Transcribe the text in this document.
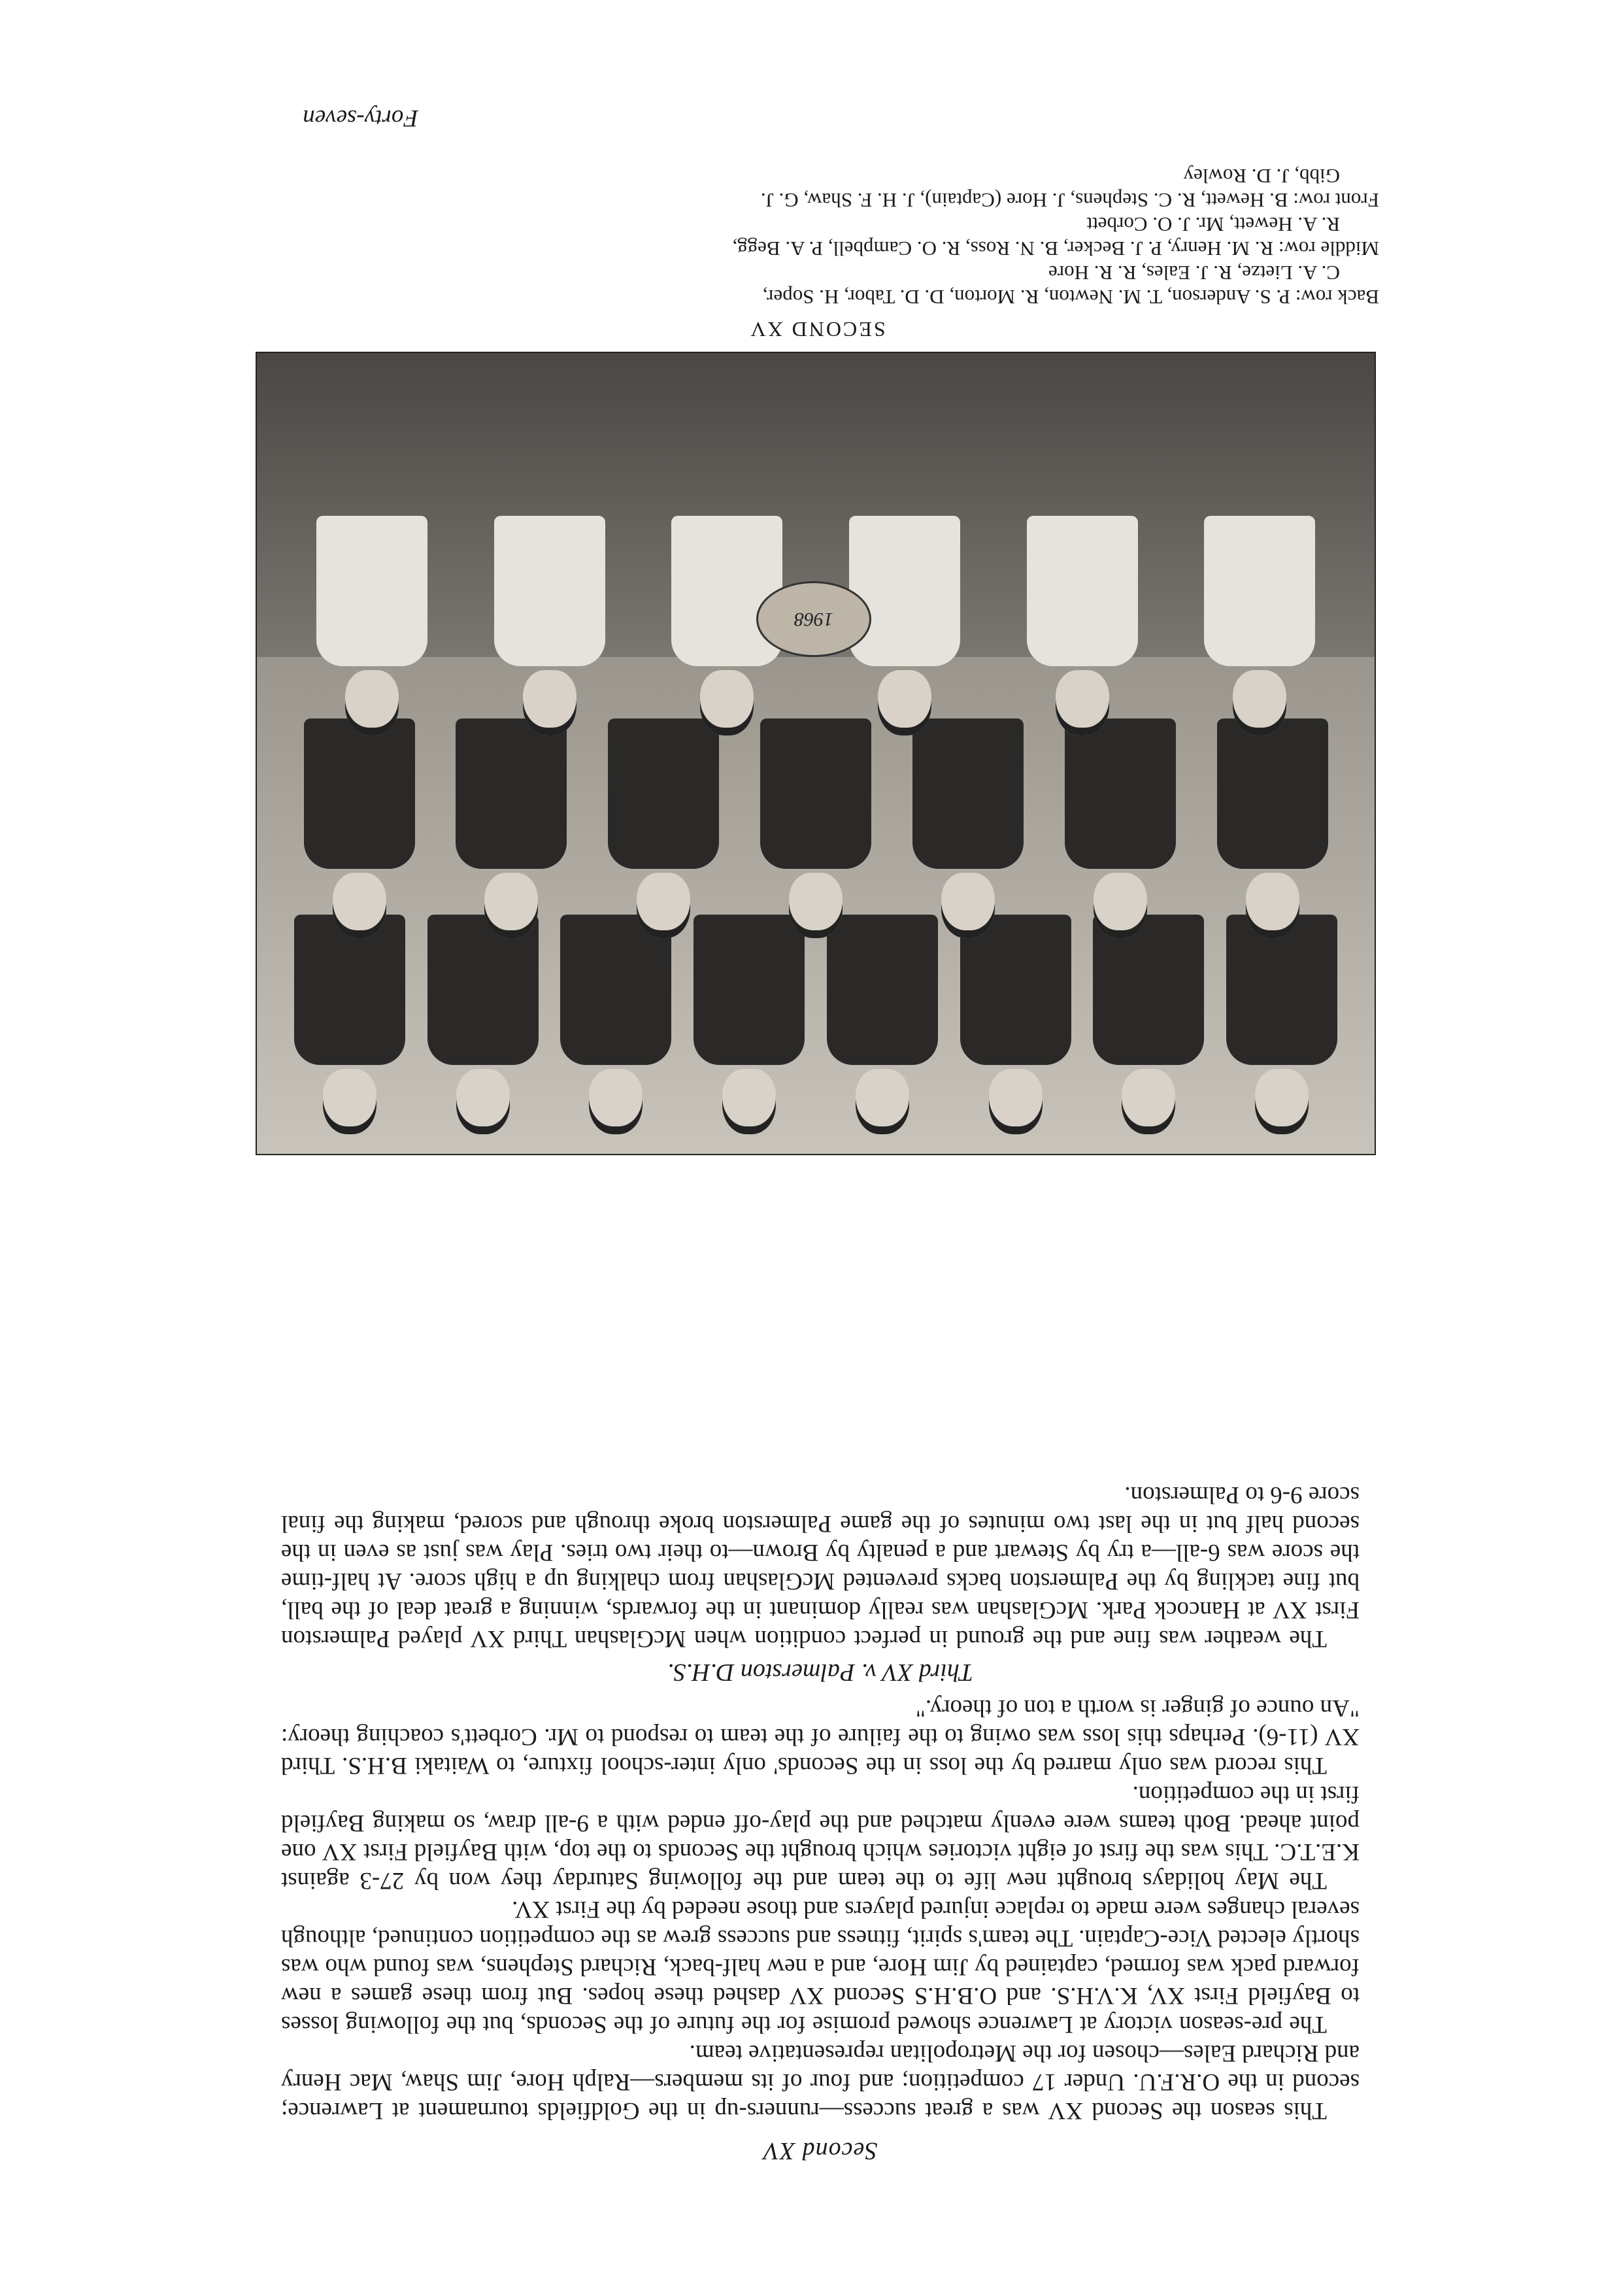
Second XV

This season the Second XV was a great success—runners-up in the Goldfields tournament at Lawrence; second in the O.R.F.U. Under 17 competition; and four of its members—Ralph Hore, Jim Shaw, Mac Henry and Richard Eales—chosen for the Metropolitan representative team.

The pre-season victory at Lawrence showed promise for the future of the Seconds, but the following losses to Bayfield First XV, K.V.H.S. and O.B.H.S Second XV dashed these hopes. But from these games a new forward pack was formed, captained by Jim Hore, and a new half-back, Richard Stephens, was found who was shortly elected Vice-Captain. The team's spirit, fitness and success grew as the competition continued, although several changes were made to replace injured players and those needed by the First XV.

The May holidays brought new life to the team and the following Saturday they won by 27-3 against K.E.T.C. This was the first of eight victories which brought the Seconds to the top, with Bayfield First XV one point ahead. Both teams were evenly matched and the play-off ended with a 9-all draw, so making Bayfield first in the competition.

This record was only marred by the loss in the Seconds' only inter-school fixture, to Waitaki B.H.S. Third XV (11-6). Perhaps this loss was owing to the failure of the team to respond to Mr. Corbett's coaching theory: "An ounce of ginger is worth a ton of theory."

Third XV v. Palmerston D.H.S.

The weather was fine and the ground in perfect condition when McGlashan Third XV played Palmerston First XV at Hancock Park. McGlashan was really dominant in the forwards, winning a great deal of the ball, but fine tackling by the Palmerston backs prevented McGlashan from chalking up a high score. At half-time the score was 6-all—a try by Stewart and a penalty by Brown—to their two tries. Play was just as even in the second half but in the last two minutes of the game Palmerston broke through and scored, making the final score 9-6 to Palmerston.

1968

SECOND XV

Back row: P. S. Anderson, T. M. Newton, R. Morton, D. D. Tabor, H. Soper,

C. A. Lietze, R. J. Eales, R. R. Hore

Middle row: R. M. Henry, P. J. Becker, B. N. Ross, R. O. Campbell, P. A. Begg,

R. A. Hewett, Mr. J. O. Corbett

Front row: B. Hewett, R. C. Stephens, J. Hore (Captain), J. H. F. Shaw, G. J.

Gibb, J. D. Rowley

Forty-seven
